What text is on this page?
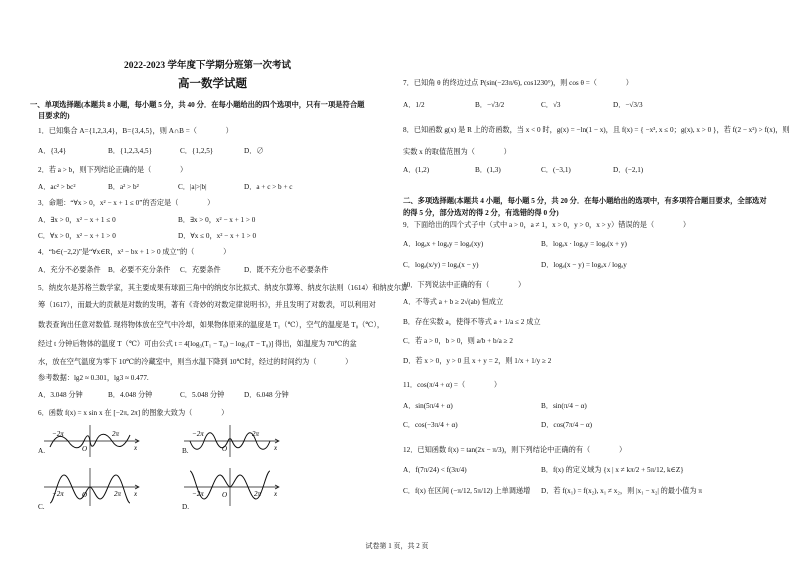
2022-2023 学年度下学期分班第一次考试
高一数学试题
一、单项选择题(本题共 8 小题，每小题 5 分，共 40 分．在每小题给出的四个选项中，只有一项是符合题
目要求的)
1．已知集合 A={1,2,3,4}，B={3,4,5}，则 A∩B =（　　　　）
A．{3,4}	B．{1,2,3,4,5}	C．{1,2,5}	D．∅
2．若 a > b，则下列结论正确的是（　　　　）
A．ac² > bc²	B．a² > b²	C．|a|>|b|	D．a + c > b + c
3．命题：“∀x > 0，x² − x + 1 ≤ 0”的否定是（　　　　）
A．∃x > 0，x² − x + 1 ≤ 0	B．∃x > 0，x² − x + 1 > 0
C．∀x > 0，x² − x + 1 > 0	D．∀x ≤ 0，x² − x + 1 > 0
4．“b∈(−2,2)”是“∀x∈R，x² − bx + 1 > 0 成立”的（　　　　）
A．充分不必要条件 B．必要不充分条件 C．充要条件	D．既不充分也不必要条件
5．纳皮尔是苏格兰数学家，其主要成果有球面三角中的纳皮尔比拟式、纳皮尔算筹、纳皮尔法则（1614）和纳皮尔算
筹（1617），而最大的贡献是对数的发明，著有《奇妙的对数定律说明书》，并且发明了对数表，可以利用对
数表查询出任意对数值. 现将物体放在空气中冷却，如果物体原来的温度是 T₁（℃），空气的温度是 T₀（℃），
经过 t 分钟后物体的温度 T（℃）可由公式 t = 4[log₃(T₁ − T₀) − log₃(T − T₀)] 得出，如温度为 70℃的盆
水，放在空气温度为零下 10℃的冷藏室中，则当水温下降到 10℃时，经过的时间约为（　　　　）
参考数据：lg2 ≈ 0.301，lg3 ≈ 0.477.
A．3.048 分钟	B．4.048 分钟	C．5.048 分钟	D．6.048 分钟
6．函数 f(x) = x sin x 在 [−2π, 2π] 的图象大致为（　　　　）
−2π
O
2π
x
A.
−2π
O
2π
x
B.
−2π	O	2π x
C.
−2π	O	2π x
D.
7．已知角 θ 的终边过点 P(sin(−23π/6), cos1230°)，则 cos θ =（　　　　）
A．1/2	B．−√3/2	C．√3	D．−√3/3
8．已知函数 g(x) 是 R 上的奇函数，当 x < 0 时，g(x) = −ln(1 − x)，且 f(x) = { −x³, x ≤ 0；g(x), x > 0 }，若 f(2 − x²) > f(x)，则
实数 x 的取值范围为（　　　　）
A．(1,2)	B．(1,3)	C．(−3,1)	D．(−2,1)
二、多项选择题(本题共 4 小题，每小题 5 分，共 20 分．在每小题给出的选项中，有多项符合题目要求，全部选对
的得 5 分，部分选对的得 2 分，有选错的得 0 分)
9．下面给出的四个式子中（式中 a > 0，a ≠ 1，x > 0，y > 0，x > y）错误的是（　　　　）
A．logₐx + logₐy = logₐ(xy)	B．logₐx · logₐy = logₐ(x + y)
C．logₐ(x/y) = logₐ(x − y)	D．logₐ(x − y) = logₐx / logₐy
10．下列说法中正确的有（　　　　）
A．不等式 a + b ≥ 2√(ab) 恒成立
B．存在实数 a，使得不等式 a + 1/a ≤ 2 成立
C．若 a > 0，b > 0，则 a/b + b/a ≥ 2
D．若 x > 0，y > 0 且 x + y = 2，则 1/x + 1/y ≥ 2
11．cos(π/4 + α) =（　　　　）
A．sin(5π/4 + α)	B．sin(π/4 − α)
C．cos(−3π/4 + α)	D．cos(7π/4 − α)
12．已知函数 f(x) = tan(2x − π/3)，则下列结论中正确的有（　　　　）
A．f(7π/24) < f(3π/4)	B．f(x) 的定义域为 {x | x ≠ kπ/2 + 5π/12, k∈Z}
C．f(x) 在区间 (−π/12, 5π/12) 上单调递增 D．若 f(x₁) = f(x₂), x₁ ≠ x₂，则 |x₁ − x₂| 的最小值为 π
试卷第 1 页，共 2 页
